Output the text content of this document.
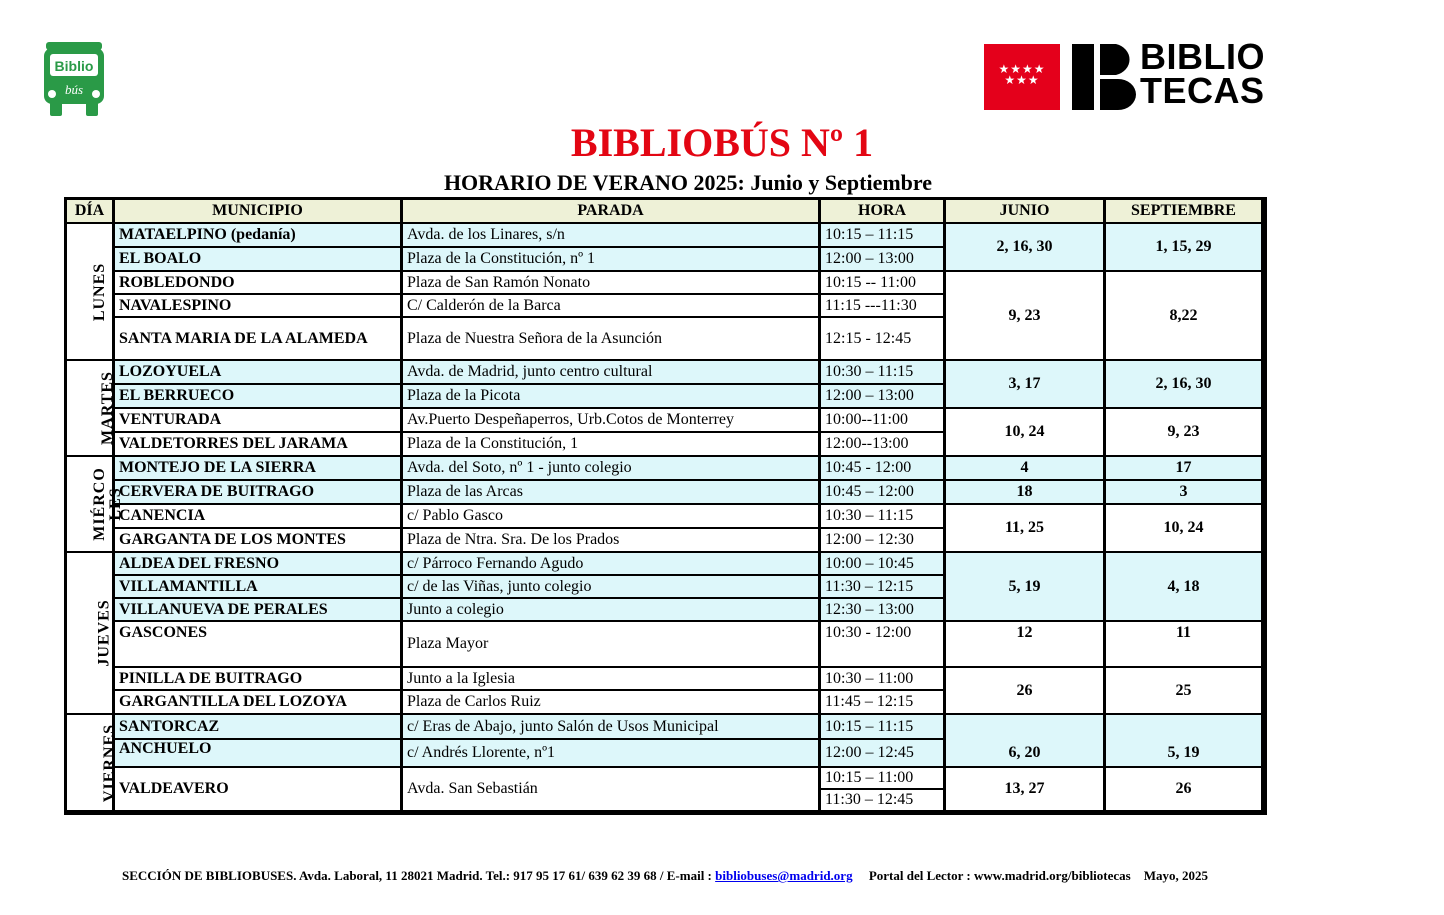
Biblio
bús
★★★★
★★★
BIBLIO
TECAS
BIBLIOBÚS Nº 1
HORARIO DE VERANO 2025: Junio y Septiembre
DÍA	MUNICIPIO	PARADA	HORA	JUNIO	SEPTIEMBRE
LUNES	MATAELPINO (pedanía)	Avda. de los Linares, s/n	10:15 – 11:15	2, 16, 30	1, 15, 29
	EL BOALO	Plaza de la Constitución, nº 1	12:00 – 13:00		
	ROBLEDONDO	Plaza de San Ramón Nonato	10:15 -- 11:00	9, 23	8,22
	NAVALESPINO	C/ Calderón de la Barca	11:15 ---11:30		
	SANTA MARIA DE LA ALAMEDA	Plaza de Nuestra Señora de la Asunción	12:15 - 12:45		
MARTES	LOZOYUELA	Avda. de Madrid, junto centro cultural	10:30 – 11:15	3, 17	2, 16, 30
	EL BERRUECO	Plaza de la Picota	12:00 – 13:00		
	VENTURADA	Av.Puerto Despeñaperros, Urb.Cotos de Monterrey	10:00--11:00	10, 24	9, 23
	VALDETORRES DEL JARAMA	Plaza de la Constitución, 1	12:00--13:00		

MIÉRCO LES	MONTEJO DE LA SIERRA	Avda. del Soto, nº 1 - junto colegio	10:45 - 12:00	4	17
	CERVERA DE BUITRAGO	Plaza de las Arcas	10:45 – 12:00	18	3
	CANENCIA	c/ Pablo Gasco	10:30 – 11:15	11, 25	10, 24
	GARGANTA DE LOS MONTES	Plaza de Ntra. Sra. De los Prados	12:00 – 12:30		
JUEVES	ALDEA DEL FRESNO	c/ Párroco Fernando Agudo	10:00 – 10:45	5, 19	4, 18
	VILLAMANTILLA	c/ de las Viñas, junto colegio	11:30 – 12:15		
	VILLANUEVA DE PERALES	Junto a colegio	12:30 – 13:00		
	GASCONES	Plaza Mayor	10:30 - 12:00	12	11
	PINILLA DE BUITRAGO	Junto a la Iglesia	10:30 – 11:00	26	25
	GARGANTILLA DEL LOZOYA	Plaza de Carlos Ruiz	11:45 – 12:15		
VIERNES	SANTORCAZ	c/ Eras de Abajo, junto Salón de Usos Municipal	10:15 – 11:15	6, 20	5, 19
	ANCHUELO	c/ Andrés Llorente, nº1	12:00 – 12:45		
	VALDEAVERO	Avda. San Sebastián	10:15 – 11:00	13, 27	26
			11:30 – 12:45		
SECCIÓN DE BIBLIOBUSES. Avda. Laboral, 11 28021 Madrid. Tel.: 917 95 17 61/ 639 62 39 68 / E-mail : bibliobuses@madrid.org Portal del Lector : www.madrid.org/bibliotecas Mayo, 2025
